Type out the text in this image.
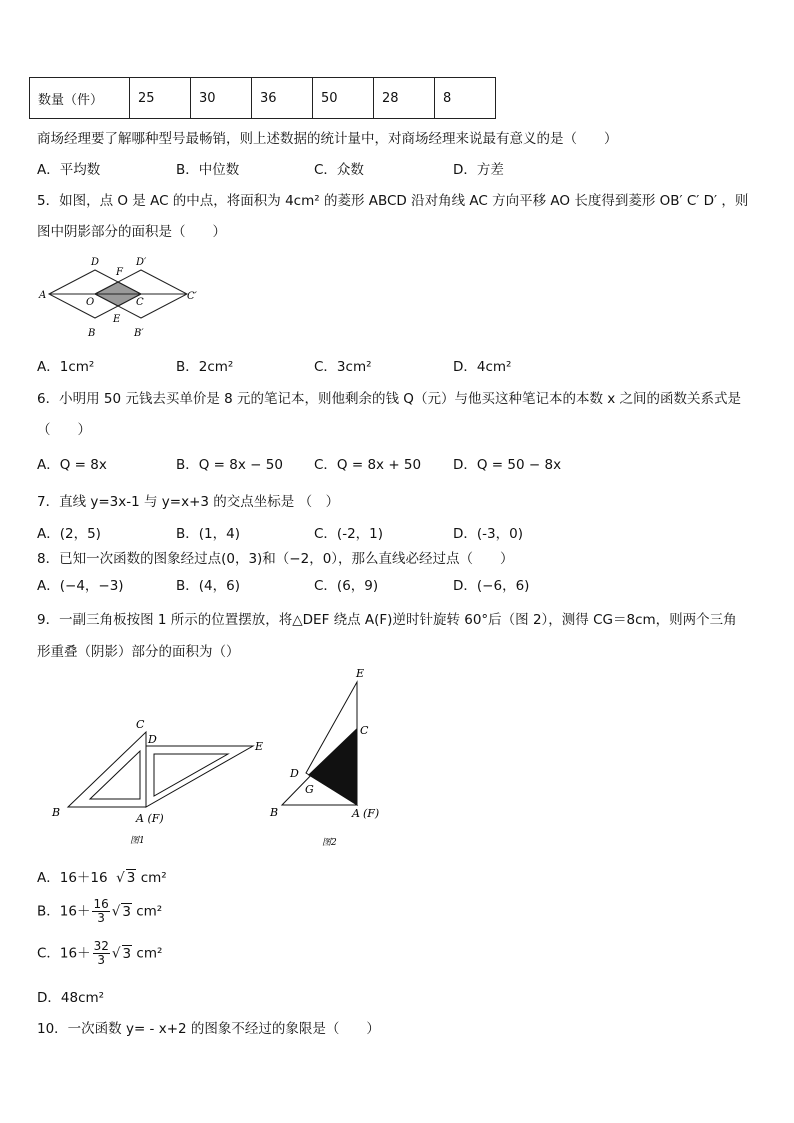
数量（件）	25	30	36	50	28	8
商场经理要了解哪种型号最畅销，则上述数据的统计量中，对商场经理来说最有意义的是（　　）
A．平均数	B．中位数	C．众数	D．方差
5．如图，点 O 是 AC 的中点，将面积为 4cm² 的菱形 ABCD 沿对角线 AC 方向平移 AO 长度得到菱形 OB′ C′ D′ ，则
图中阴影部分的面积是（　　）
A
D
F
D′
O	C
C′
E
B	B′
A．1cm²	B．2cm²	C．3cm²	D．4cm²
6．小明用 50 元钱去买单价是 8 元的笔记本，则他剩余的钱 Q（元）与他买这种笔记本的本数 x 之间的函数关系式是
（　　）
A．Q = 8x	B．Q = 8x − 50 C．Q = 8x + 50 D．Q = 50 − 8x
7．直线 y=3x-1 与 y=x+3 的交点坐标是 （　）
A．(2，5)	B．(1，4)	C．(-2，1)	D．(-3，0)
8．已知一次函数的图象经过点(0，3)和（−2，0），那么直线必经过点（　　）
A．(−4，−3)	B．(4，6)	C．(6，9)	D．(−6，6)
9．一副三角板按图 1 所示的位置摆放，将△DEF 绕点 A(F)逆时针旋转 60°后（图 2），测得 CG＝8cm，则两个三角
形重叠（阴影）部分的面积为（）
C
D
E
B	A (F)
图1
E
C
D
G
B	A (F)
图2
A．16＋16  √ 3 cm²
B．$16+ \frac{16}{3}$ √ 3 cm²
C．$16+ \frac{32}{3}$ √ 3 cm²
D．48cm²
10．一次函数 y= - x+2 的图象不经过的象限是（　　）
